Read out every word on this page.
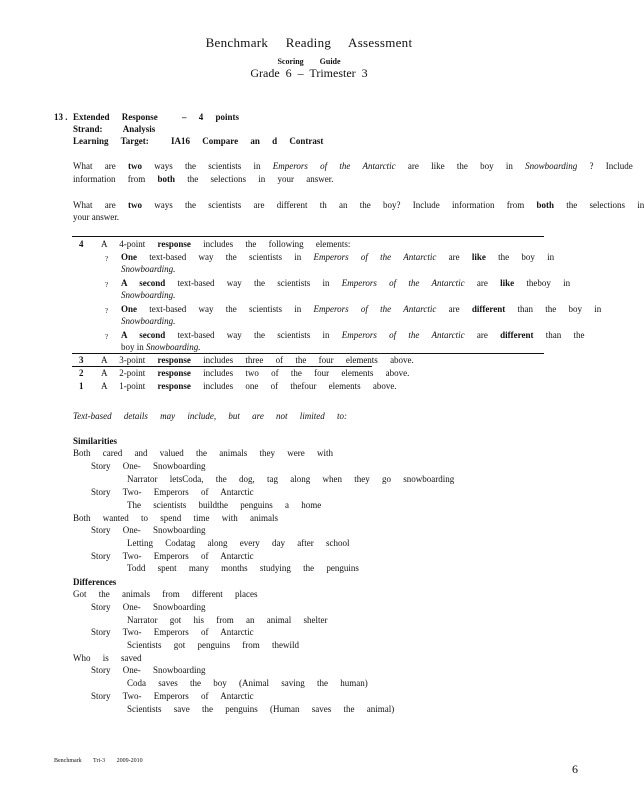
Benchmark Reading Assessment
Scoring Guide
Grade 6 – Trimester 3
13 . Extended Response	– 4 points
Strand: Analysis
Learning Target: IA16 Compare an d Contrast
What are two ways the scientists in Emperors of the Antarctic are like the boy in Snowboarding ? Include
information from both the selections in your answer.
What are two ways the scientists are different th an the boy? Include information from both the selections in
your answer.
4 A 4-point response includes the following elements:
? One text-based way the scientists in Emperors of the Antarctic are like the boy in
Snowboarding.
? A second text-based way the scientists in Emperors of the Antarctic are like theboy in
Snowboarding.
? One text-based way the scientists in Emperors of the Antarctic are different than the boy in
Snowboarding.
? A second text-based way the scientists in Emperors of the Antarctic are different than the
boy in Snowboarding.
3 A 3-point response includes three of the four elements above.
2 A 2-point response includes two of the four elements above.
1 A 1-point response includes one of thefour elements above.
Text-based details may include, but are not limited to:
Similarities
Both cared and valued the animals they were with
Story One- Snowboarding
Narrator letsCoda, the dog, tag along when they go snowboarding
Story Two- Emperors of Antarctic
The scientists buildthe penguins a home
Both wanted to spend time with animals
Story One- Snowboarding
Letting Codatag along every day after school
Story Two- Emperors of Antarctic
Todd spent many months studying the penguins
Differences
Got the animals from different places
Story One- Snowboarding
Narrator got his from an animal shelter
Story Two- Emperors of Antarctic
Scientists got penguins from thewild
Who is saved
Story One- Snowboarding
Coda saves the boy (Animal saving the human)
Story Two- Emperors of Antarctic
Scientists save the penguins (Human saves the animal)
Benchmark Tri-3 2009-2010
6
